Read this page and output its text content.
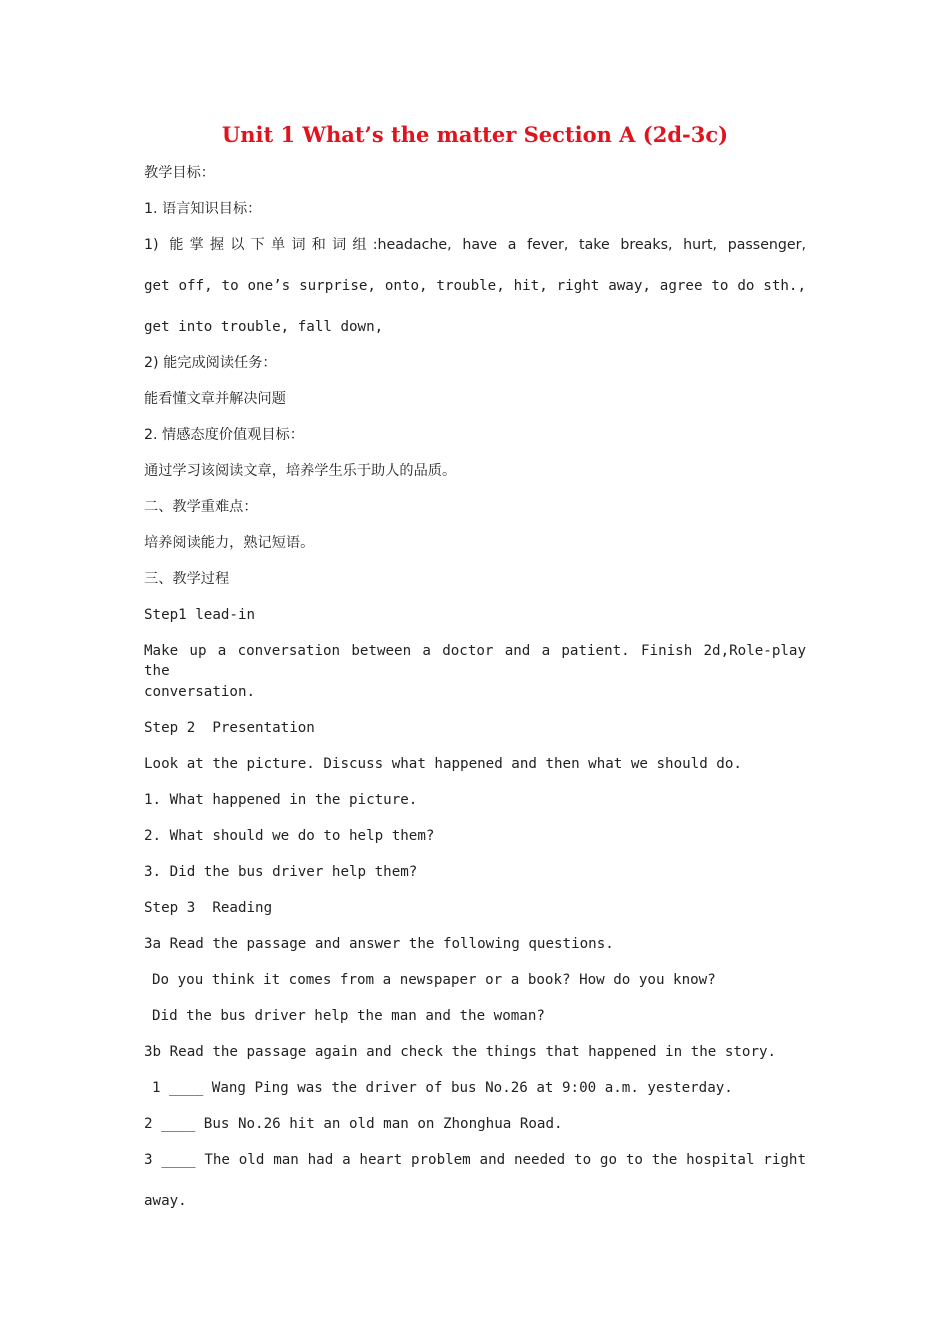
Unit 1 What’s the matter Section A (2d-3c)
教学目标：
1. 语言知识目标：
1) 能掌握以下单词和词组:headache, have a fever, take breaks, hurt, passenger,
get off, to one’s surprise, onto, trouble, hit, right away, agree to do sth.,
get into trouble, fall down,
2) 能完成阅读任务：
能看懂文章并解决问题
2. 情感态度价值观目标：
通过学习该阅读文章，培养学生乐于助人的品质。
二、教学重难点：
培养阅读能力，熟记短语。
三、教学过程
Step1 lead-in
Make up a conversation between a doctor and a patient. Finish 2d,Role-play the
conversation.
Step 2  Presentation
Look at the picture. Discuss what happened and then what we should do.
1. What happened in the picture.
2. What should we do to help them?
3. Did the bus driver help them?
Step 3  Reading
3a Read the passage and answer the following questions.
Do you think it comes from a newspaper or a book? How do you know?
Did the bus driver help the man and the woman?
3b Read the passage again and check the things that happened in the story.
1 ____ Wang Ping was the driver of bus No.26 at 9:00 a.m. yesterday.
2 ____ Bus No.26 hit an old man on Zhonghua Road.
3 ____ The old man had a heart problem and needed to go to the hospital right
away.
